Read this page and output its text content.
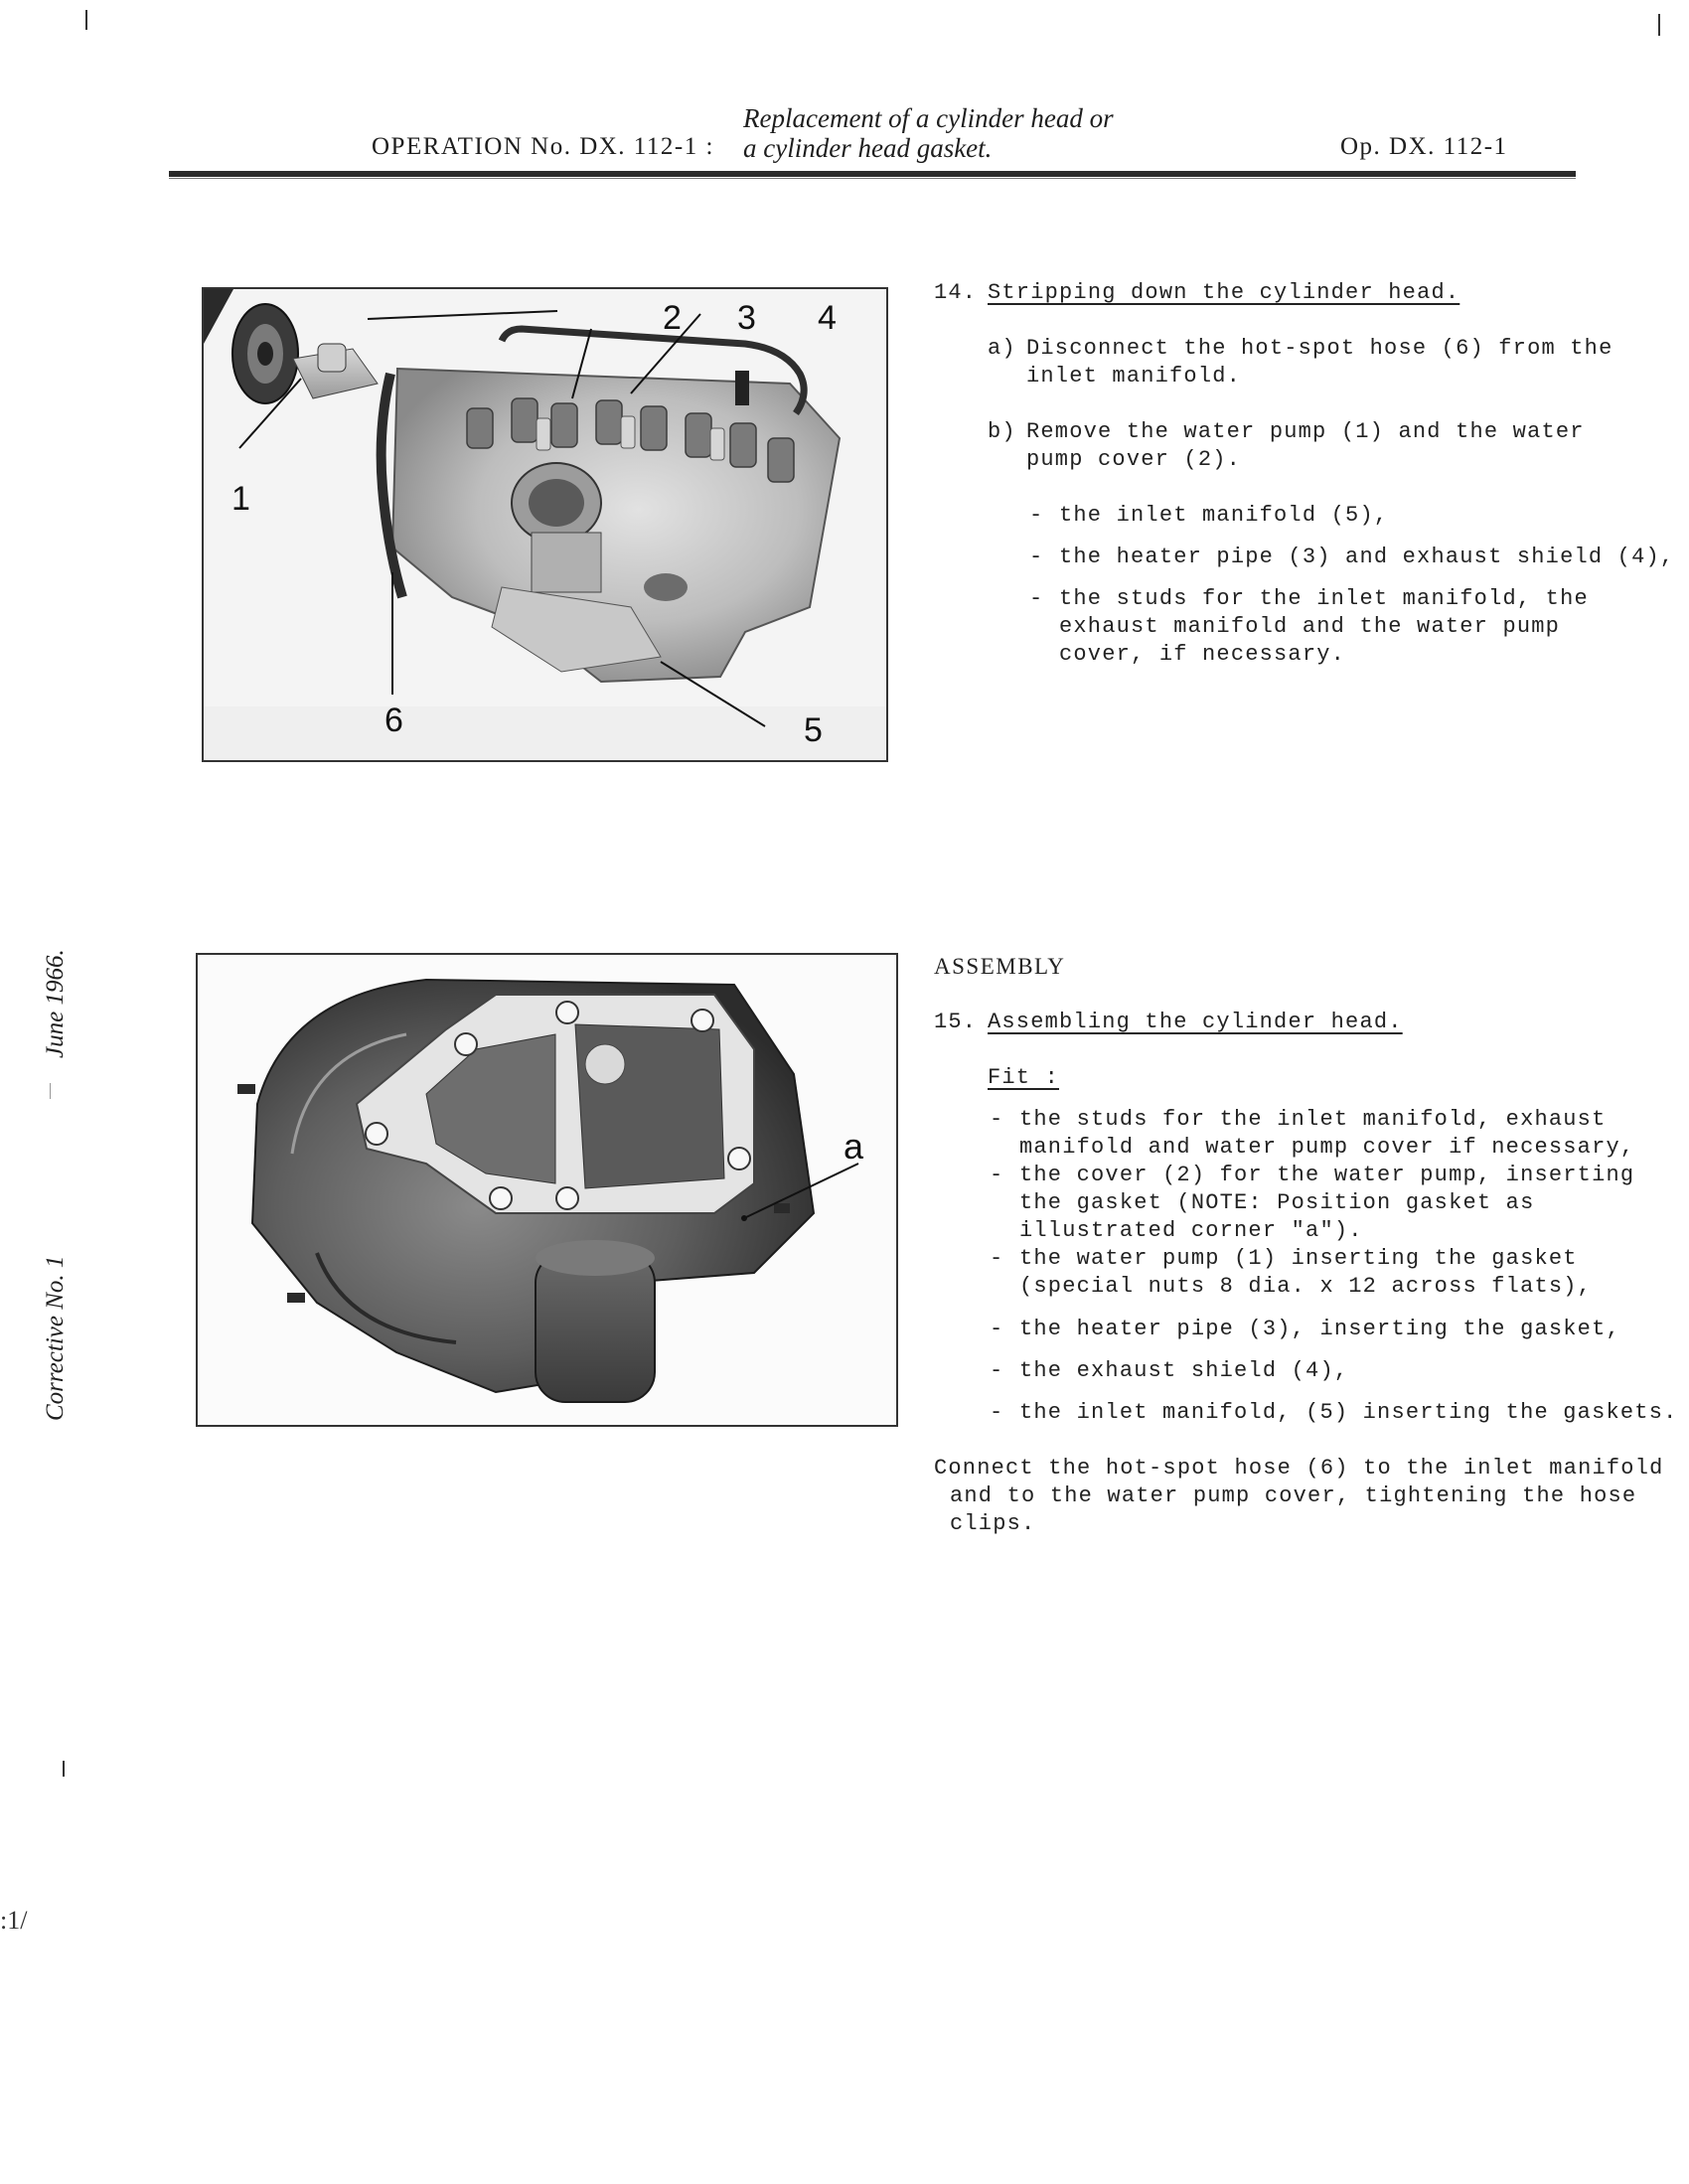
OPERATION No. DX. 112-1 :
Replacement of a cylinder head or
a cylinder head gasket.	Op. DX. 112-1
1
2 3 4
5
6
14. Stripping down the cylinder head.
a) Disconnect the hot-spot hose (6) from the
inlet manifold.
b) Remove the water pump (1) and the water
pump cover (2).
- the inlet manifold (5),
- the heater pipe (3) and exhaust shield (4),
- the studs for the inlet manifold, the
exhaust manifold and the water pump
cover, if necessary.
Corrective No. 1
June 1966.
:1/
a
ASSEMBLY
15. Assembling the cylinder head.
Fit :
- the studs for the inlet manifold, exhaust
manifold and water pump cover if necessary,
- the cover (2) for the water pump, inserting
the gasket (NOTE: Position gasket as
illustrated corner "a").
- the water pump (1) inserting the gasket
(special nuts 8 dia. x 12 across flats),
- the heater pipe (3), inserting the gasket,
- the exhaust shield (4),
- the inlet manifold, (5) inserting the gaskets.
Connect the hot-spot hose (6) to the inlet manifold
and to the water pump cover, tightening the hose
clips.
